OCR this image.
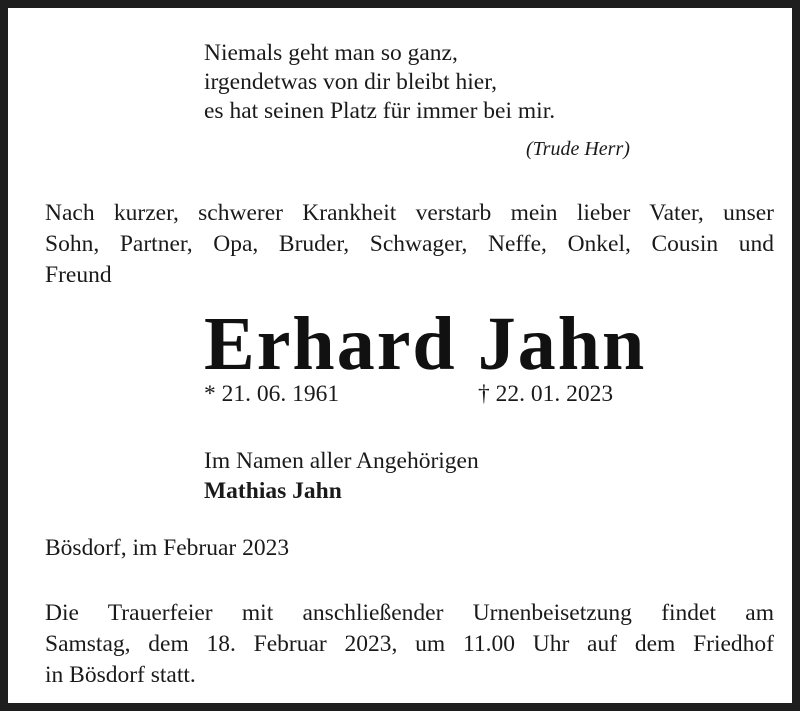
Niemals geht man so ganz,
irgendetwas von dir bleibt hier,
es hat seinen Platz für immer bei mir.
(Trude Herr)
Nach kurzer, schwerer Krankheit verstarb mein lieber Vater, unser
Sohn, Partner, Opa, Bruder, Schwager, Neffe, Onkel, Cousin und
Freund
Erhard Jahn
* 21. 06. 1961	† 22. 01. 2023
Im Namen aller Angehörigen
Mathias Jahn
Bösdorf, im Februar 2023
Die Trauerfeier mit anschließender Urnenbeisetzung findet am
Samstag, dem 18. Februar 2023, um 11.00 Uhr auf dem Friedhof
in Bösdorf statt.
